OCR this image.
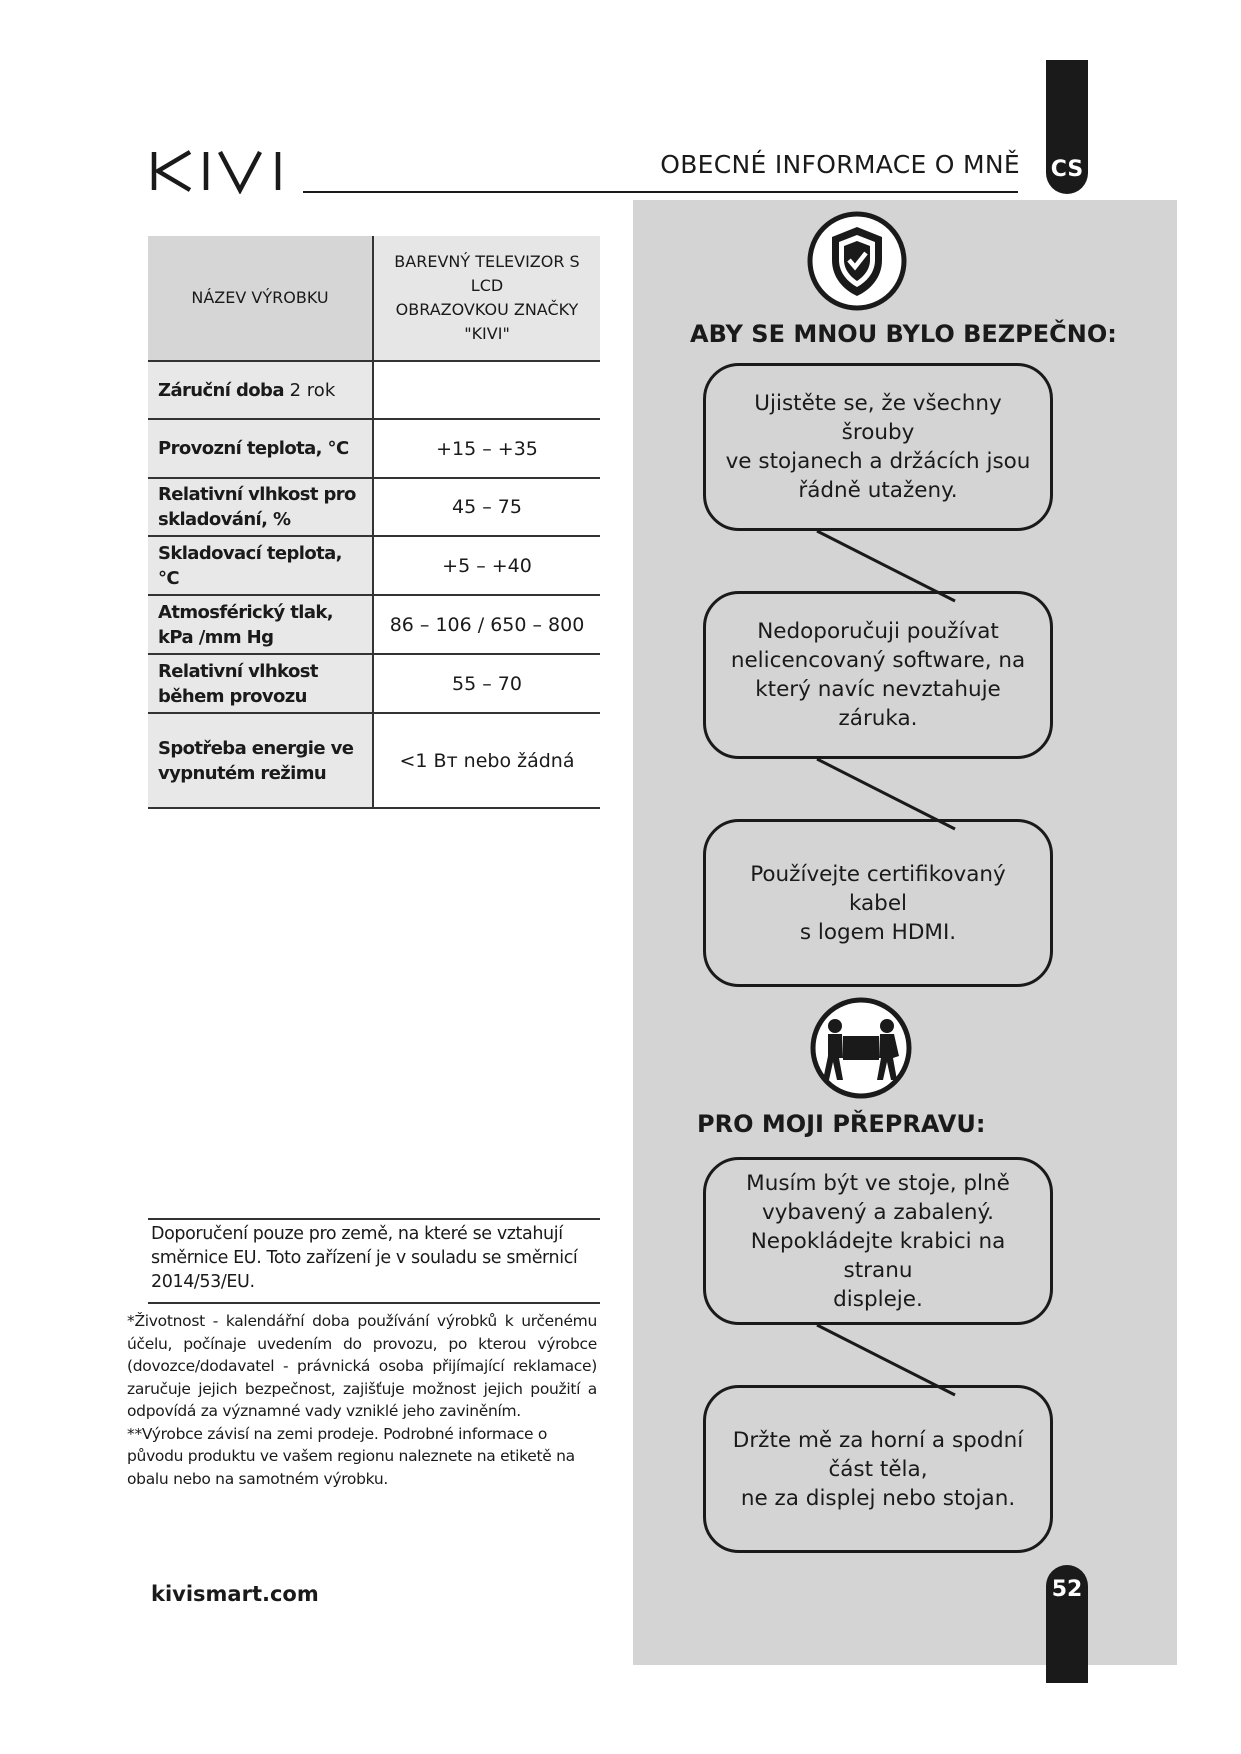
OBECNÉ INFORMACE O MNĚ CS
ABY SE MNOU BYLO BEZPEČNO:
Ujistěte se, že všechny šrouby
ve stojanech a držácích jsou
řádně utaženy.
Nedoporučuji používat
nelicencovaný software, na
který navíc nevztahuje záruka.
Používejte certifikovaný
kabel
s logem HDMI.
PRO MOJI PŘEPRAVU:
Musím být ve stoje, plně
vybavený a zabalený.
Nepokládejte krabici na stranu
displeje.
Držte mě za horní a spodní
část těla,
ne za displej nebo stojan.
NÁZEV VÝROBKU	BAREVNÝ TELEVIZOR S LCD
OBRAZOVKOU ZNAČKY
"KIVI"
Záruční doba 2 rok	
Provozní teplota, °C	+15 – +35
Relativní vlhkost pro skladování, %	45 – 75
Skladovací teplota, °C	+5 – +40
Atmosférický tlak, kPa /mm Hg	86 – 106 / 650 – 800
Relativní vlhkost během provozu	55 – 70
Spotřeba energie ve vypnutém režimu	<1 Вт nebo žádná
Doporučení pouze pro země, na které se vztahují směrnice EU. Toto zařízení je v souladu se směrnicí 2014/53/EU.

*Životnost - kalendářní doba používání výrobků k určenému účelu, počínaje uvedením do provozu, po kterou výrobce (dovozce/dodavatel - právnická osoba přijímající reklamace) zaručuje jejich bezpečnost, zajišťuje možnost jejich použití a odpovídá za významné vady vzniklé jeho zaviněním.

**Výrobce závisí na zemi prodeje. Podrobné informace o původu produktu ve vašem regionu naleznete na etiketě na obalu nebo na samotném výrobku.

kivismart.com	52
